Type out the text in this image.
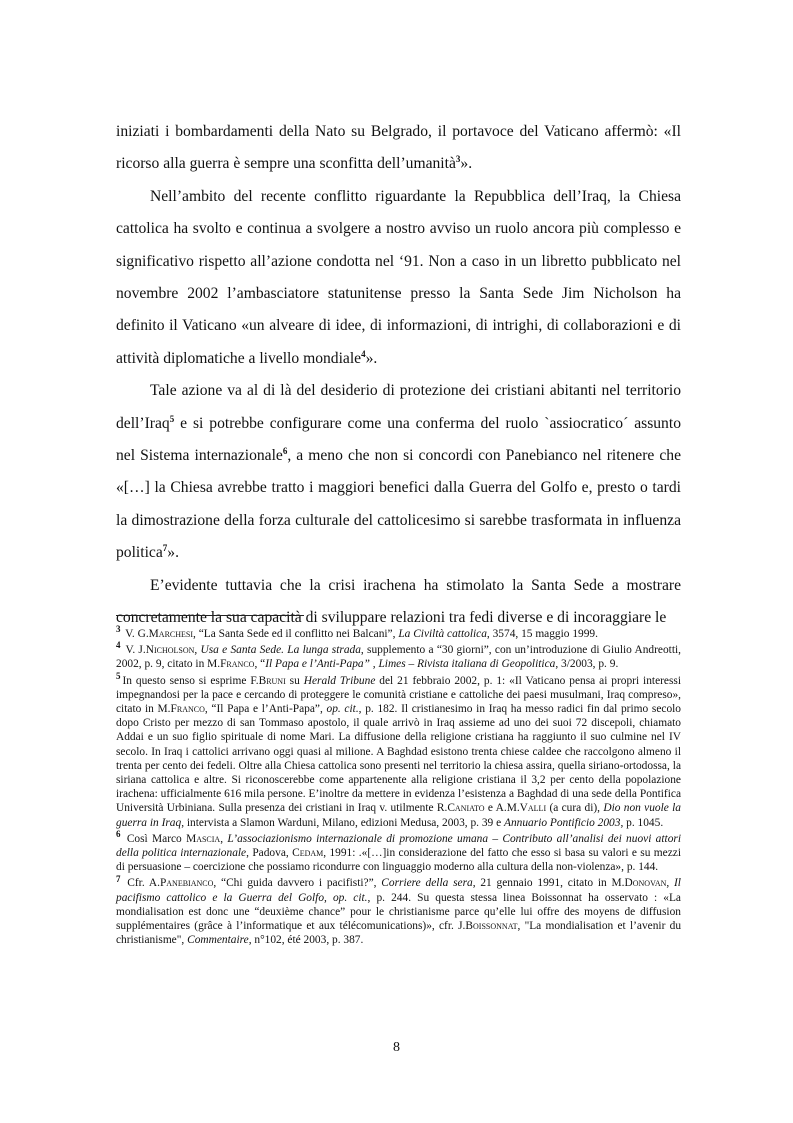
iniziati i bombardamenti della Nato su Belgrado, il portavoce del Vaticano affermò: «Il ricorso alla guerra è sempre una sconfitta dell’umanità$^3$».

Nell’ambito del recente conflitto riguardante la Repubblica dell’Iraq, la Chiesa cattolica ha svolto e continua a svolgere a nostro avviso un ruolo ancora più complesso e significativo rispetto all’azione condotta nel ‘91. Non a caso in un libretto pubblicato nel novembre 2002 l’ambasciatore statunitense presso la Santa Sede Jim Nicholson ha definito il Vaticano «un alveare di idee, di informazioni, di intrighi, di collaborazioni e di attività diplomatiche a livello mondiale$^4$».

Tale azione va al di là del desiderio di protezione dei cristiani abitanti nel territorio dell’Iraq$^5$ e si potrebbe configurare come una conferma del ruolo `assiocratico´ assunto nel Sistema internazionale$^6$, a meno che non si concordi con Panebianco nel ritenere che «[…] la Chiesa avrebbe tratto i maggiori benefici dalla Guerra del Golfo e, presto o tardi la dimostrazione della forza culturale del cattolicesimo si sarebbe trasformata in influenza politica$^7$».

E’evidente tuttavia che la crisi irachena ha stimolato la Santa Sede a mostrare concretamente la sua capacità di sviluppare relazioni tra fedi diverse e di incoraggiare le

$^3$ V. G.Marchesi, “La Santa Sede ed il conflitto nei Balcani”, La Civiltà cattolica, 3574, 15 maggio 1999.

$^4$ V. J.Nicholson, Usa e Santa Sede. La lunga strada, supplemento a “30 giorni”, con un’introduzione di Giulio Andreotti, 2002, p. 9, citato in M.Franco, “Il Papa e l’Anti-Papa” , Limes – Rivista italiana di Geopolitica, 3/2003, p. 9.

$^5$ In questo senso si esprime F.Bruni su Herald Tribune del 21 febbraio 2002, p. 1: «Il Vaticano pensa ai propri interessi impegnandosi per la pace e cercando di proteggere le comunità cristiane e cattoliche dei paesi musulmani, Iraq compreso», citato in M.Franco, “Il Papa e l’Anti-Papa”, op. cit., p. 182. Il cristianesimo in Iraq ha messo radici fin dal primo secolo dopo Cristo per mezzo di san Tommaso apostolo, il quale arrivò in Iraq assieme ad uno dei suoi 72 discepoli, chiamato Addai e un suo figlio spirituale di nome Mari. La diffusione della religione cristiana ha raggiunto il suo culmine nel IV secolo. In Iraq i cattolici arrivano oggi quasi al milione. A Baghdad esistono trenta chiese caldee che raccolgono almeno il trenta per cento dei fedeli. Oltre alla Chiesa cattolica sono presenti nel territorio la chiesa assira, quella siriano-ortodossa, la siriana cattolica e altre. Si riconoscerebbe come appartenente alla religione cristiana il 3,2 per cento della popolazione irachena: ufficialmente 616 mila persone. E’inoltre da mettere in evidenza l’esistenza a Baghdad di una sede della Pontifica Università Urbiniana. Sulla presenza dei cristiani in Iraq v. utilmente R.Caniato e A.M.Valli (a cura di), Dio non vuole la guerra in Iraq, intervista a Slamon Warduni, Milano, edizioni Medusa, 2003, p. 39 e Annuario Pontificio 2003, p. 1045.

$^6$ Così Marco Mascia, L’associazionismo internazionale di promozione umana – Contributo all’analisi dei nuovi attori della politica internazionale, Padova, Cedam, 1991: .«[…]in considerazione del fatto che esso si basa su valori e su mezzi di persuasione – coercizione che possiamo ricondurre con linguaggio moderno alla cultura della non-violenza», p. 144.

$^7$ Cfr. A.Panebianco, “Chi guida davvero i pacifisti?”, Corriere della sera, 21 gennaio 1991, citato in M.Donovan, Il pacifismo cattolico e la Guerra del Golfo, op. cit., p. 244. Su questa stessa linea Boissonnat ha osservato : «La mondialisation est donc une “deuxième chance” pour le christianisme parce qu’elle lui offre des moyens de diffusion supplémentaires (grâce à l’informatique et aux télécomunications)», cfr. J.Boissonnat, "La mondialisation et l’avenir du christianisme", Commentaire, n°102, été 2003, p. 387.

8
